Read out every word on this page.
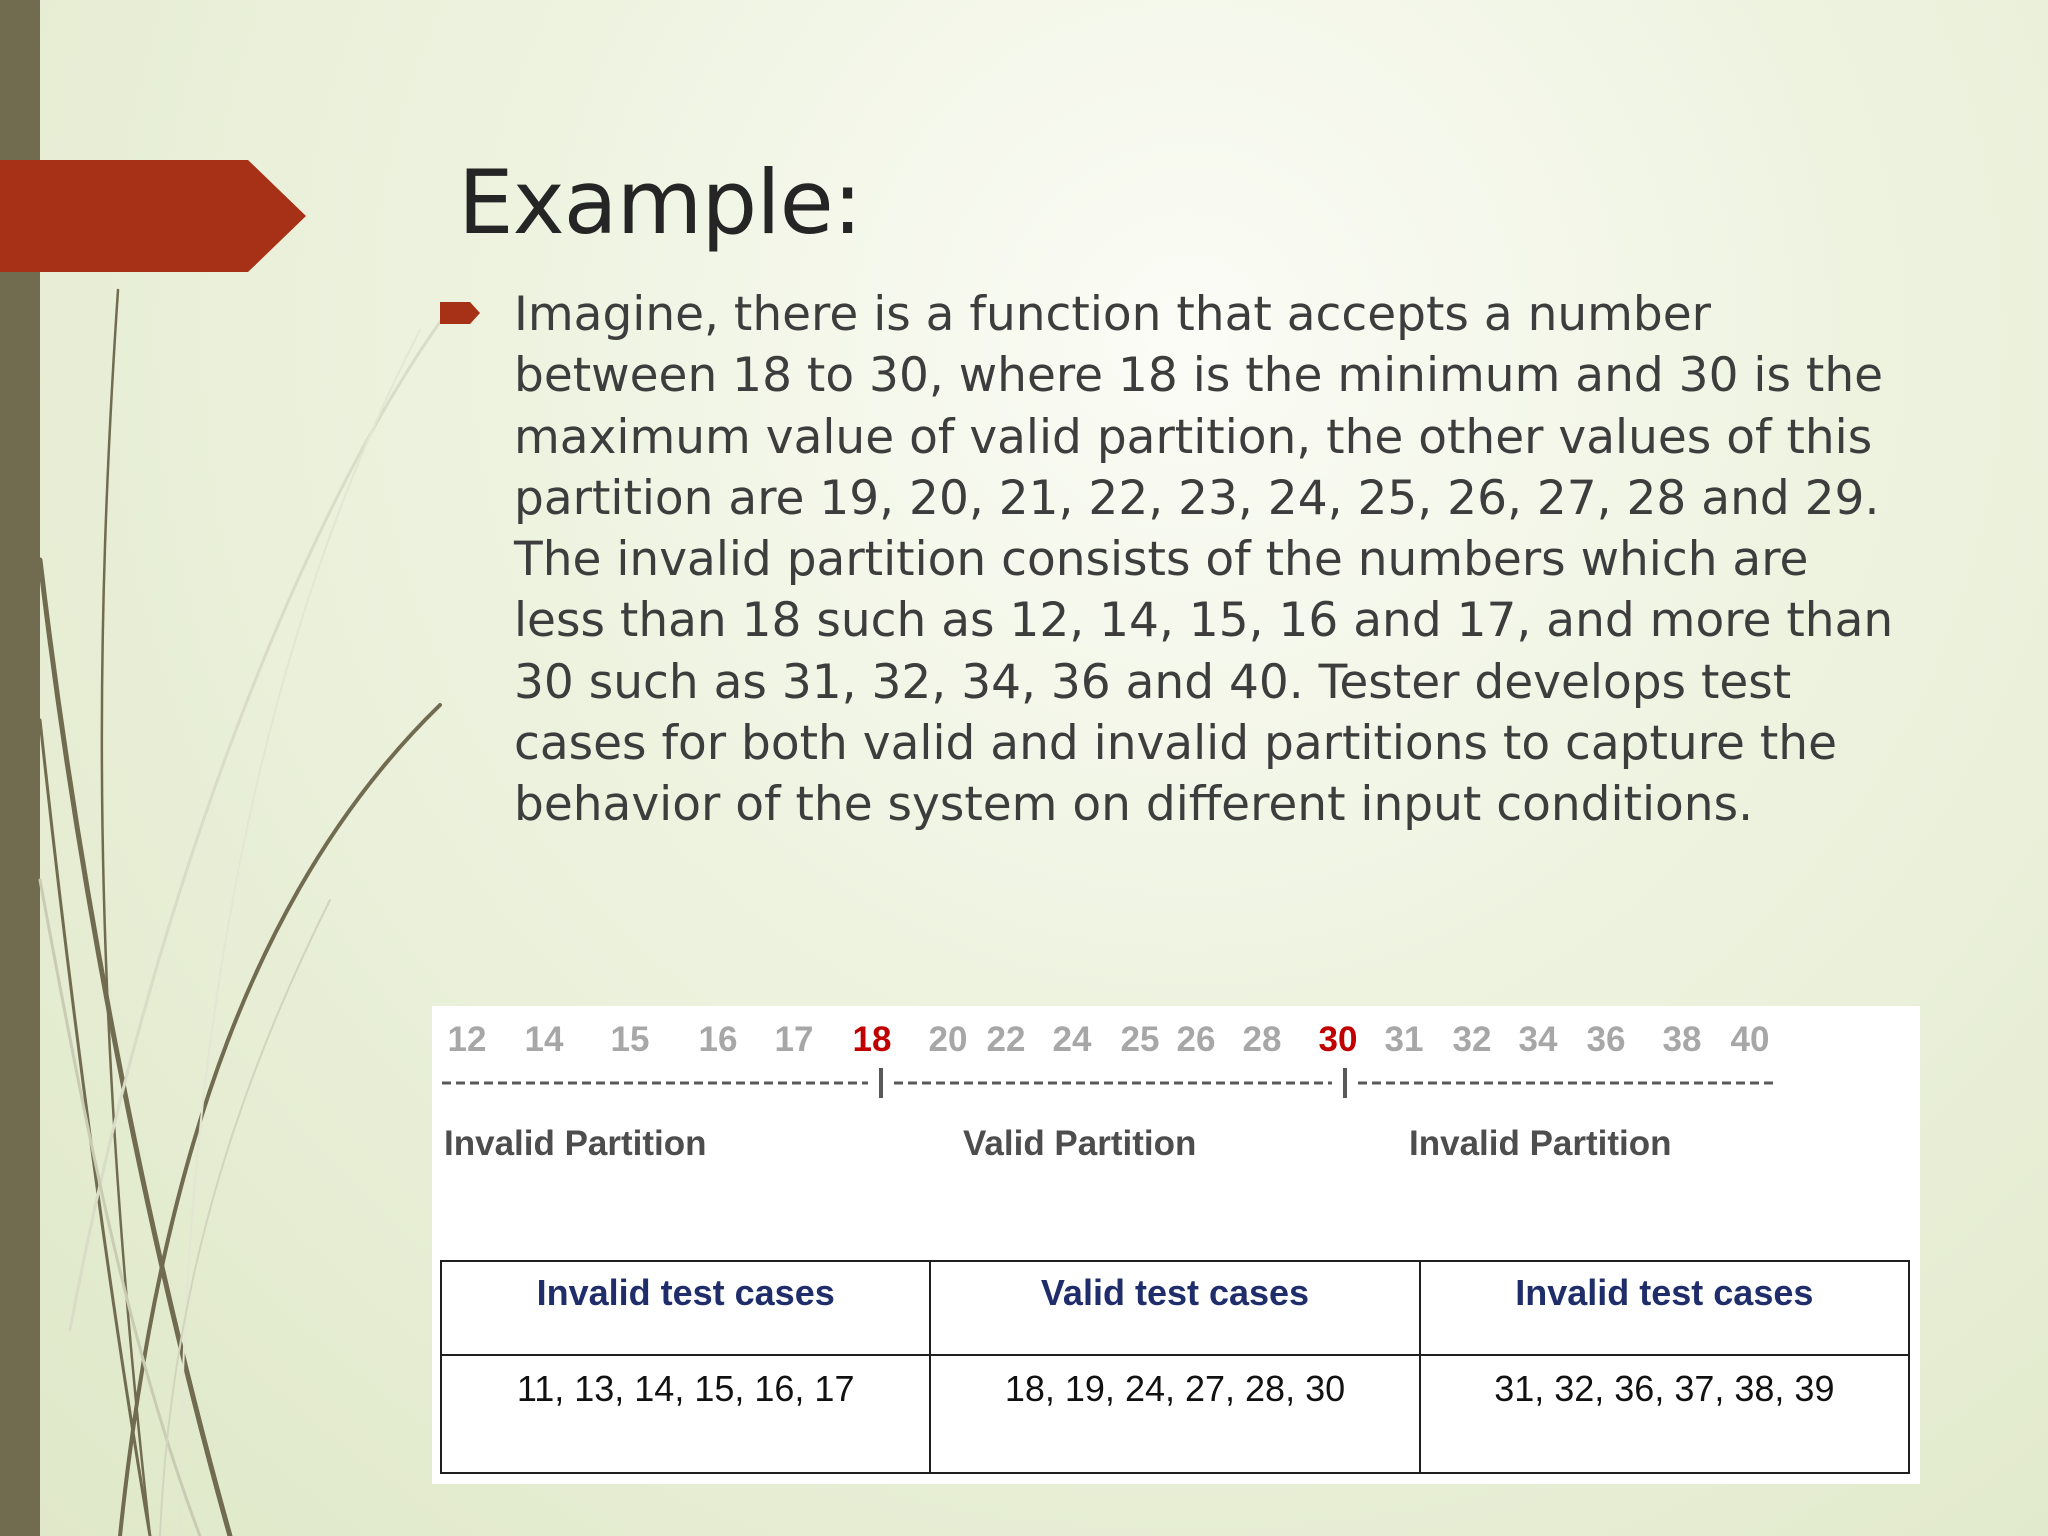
Example:

Imagine, there is a function that accepts a number between 18 to 30, where 18 is the minimum and 30 is the maximum value of valid partition, the other values of this partition are 19, 20, 21, 22, 23, 24, 25, 26, 27, 28 and 29. The invalid partition consists of the numbers which are less than 18 such as 12, 14, 15, 16 and 17, and more than 30 such as 31, 32, 34, 36 and 40. Tester develops test cases for both valid and invalid partitions to capture the behavior of the system on different input conditions.

12 14 15 16 17 18 20 22 24 25 26 28 30 31 32 34 36 38 40
Invalid Partition	Valid Partition	Invalid Partition
Invalid test cases	Valid test cases	Invalid test cases
11, 13, 14, 15, 16, 17	18, 19, 24, 27, 28, 30	31, 32, 36, 37, 38, 39
